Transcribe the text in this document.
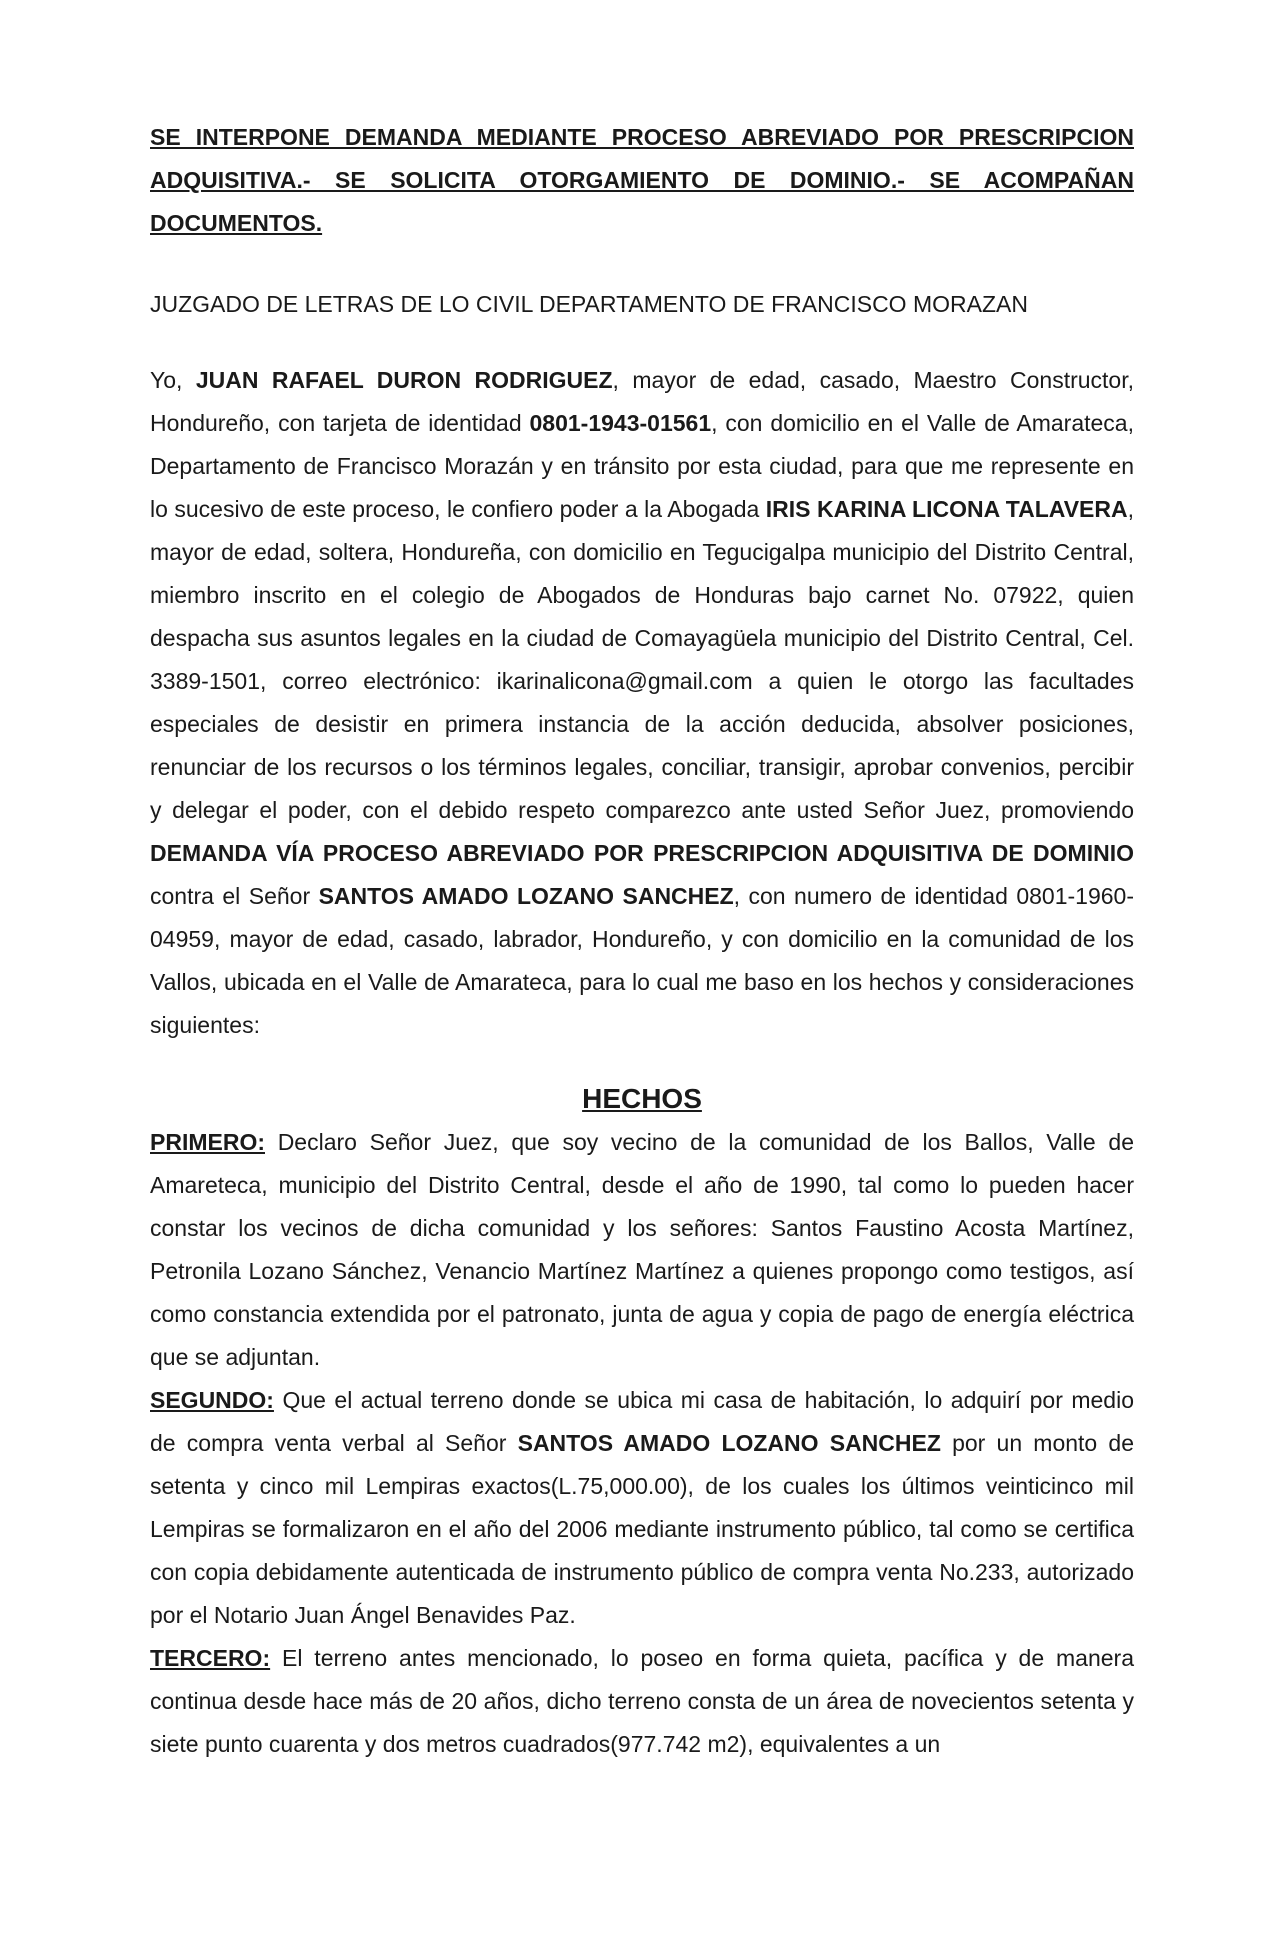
SE INTERPONE DEMANDA MEDIANTE PROCESO ABREVIADO POR PRESCRIPCION ADQUISITIVA.- SE SOLICITA OTORGAMIENTO DE DOMINIO.- SE ACOMPAÑAN DOCUMENTOS.

JUZGADO DE LETRAS DE LO CIVIL DEPARTAMENTO DE FRANCISCO MORAZAN

Yo, JUAN RAFAEL DURON RODRIGUEZ, mayor de edad, casado, Maestro Constructor, Hondureño, con tarjeta de identidad 0801-1943-01561, con domicilio en el Valle de Amarateca, Departamento de Francisco Morazán y en tránsito por esta ciudad, para que me represente en lo sucesivo de este proceso, le confiero poder a la Abogada IRIS KARINA LICONA TALAVERA, mayor de edad, soltera, Hondureña, con domicilio en Tegucigalpa municipio del Distrito Central, miembro inscrito en el colegio de Abogados de Honduras bajo carnet No. 07922, quien despacha sus asuntos legales en la ciudad de Comayagüela municipio del Distrito Central, Cel. 3389-1501, correo electrónico: ikarinalicona@gmail.com a quien le otorgo las facultades especiales de desistir en primera instancia de la acción deducida, absolver posiciones, renunciar de los recursos o los términos legales, conciliar, transigir, aprobar convenios, percibir y delegar el poder, con el debido respeto comparezco ante usted Señor Juez, promoviendo DEMANDA VÍA PROCESO ABREVIADO POR PRESCRIPCION ADQUISITIVA DE DOMINIO contra el Señor SANTOS AMADO LOZANO SANCHEZ, con numero de identidad 0801-1960-04959, mayor de edad, casado, labrador, Hondureño, y con domicilio en la comunidad de los Vallos, ubicada en el Valle de Amarateca, para lo cual me baso en los hechos y consideraciones siguientes:

HECHOS

PRIMERO: Declaro Señor Juez, que soy vecino de la comunidad de los Ballos, Valle de Amareteca, municipio del Distrito Central, desde el año de 1990, tal como lo pueden hacer constar los vecinos de dicha comunidad y los señores: Santos Faustino Acosta Martínez, Petronila Lozano Sánchez, Venancio Martínez Martínez a quienes propongo como testigos, así como constancia extendida por el patronato, junta de agua y copia de pago de energía eléctrica que se adjuntan.

SEGUNDO: Que el actual terreno donde se ubica mi casa de habitación, lo adquirí por medio de compra venta verbal al Señor SANTOS AMADO LOZANO SANCHEZ por un monto de setenta y cinco mil Lempiras exactos(L.75,000.00), de los cuales los últimos veinticinco mil Lempiras se formalizaron en el año del 2006 mediante instrumento público, tal como se certifica con copia debidamente autenticada de instrumento público de compra venta No.233, autorizado por el Notario Juan Ángel Benavides Paz.

TERCERO: El terreno antes mencionado, lo poseo en forma quieta, pacífica y de manera continua desde hace más de 20 años, dicho terreno consta de un área de novecientos setenta y siete punto cuarenta y dos metros cuadrados(977.742 m2), equivalentes a un
